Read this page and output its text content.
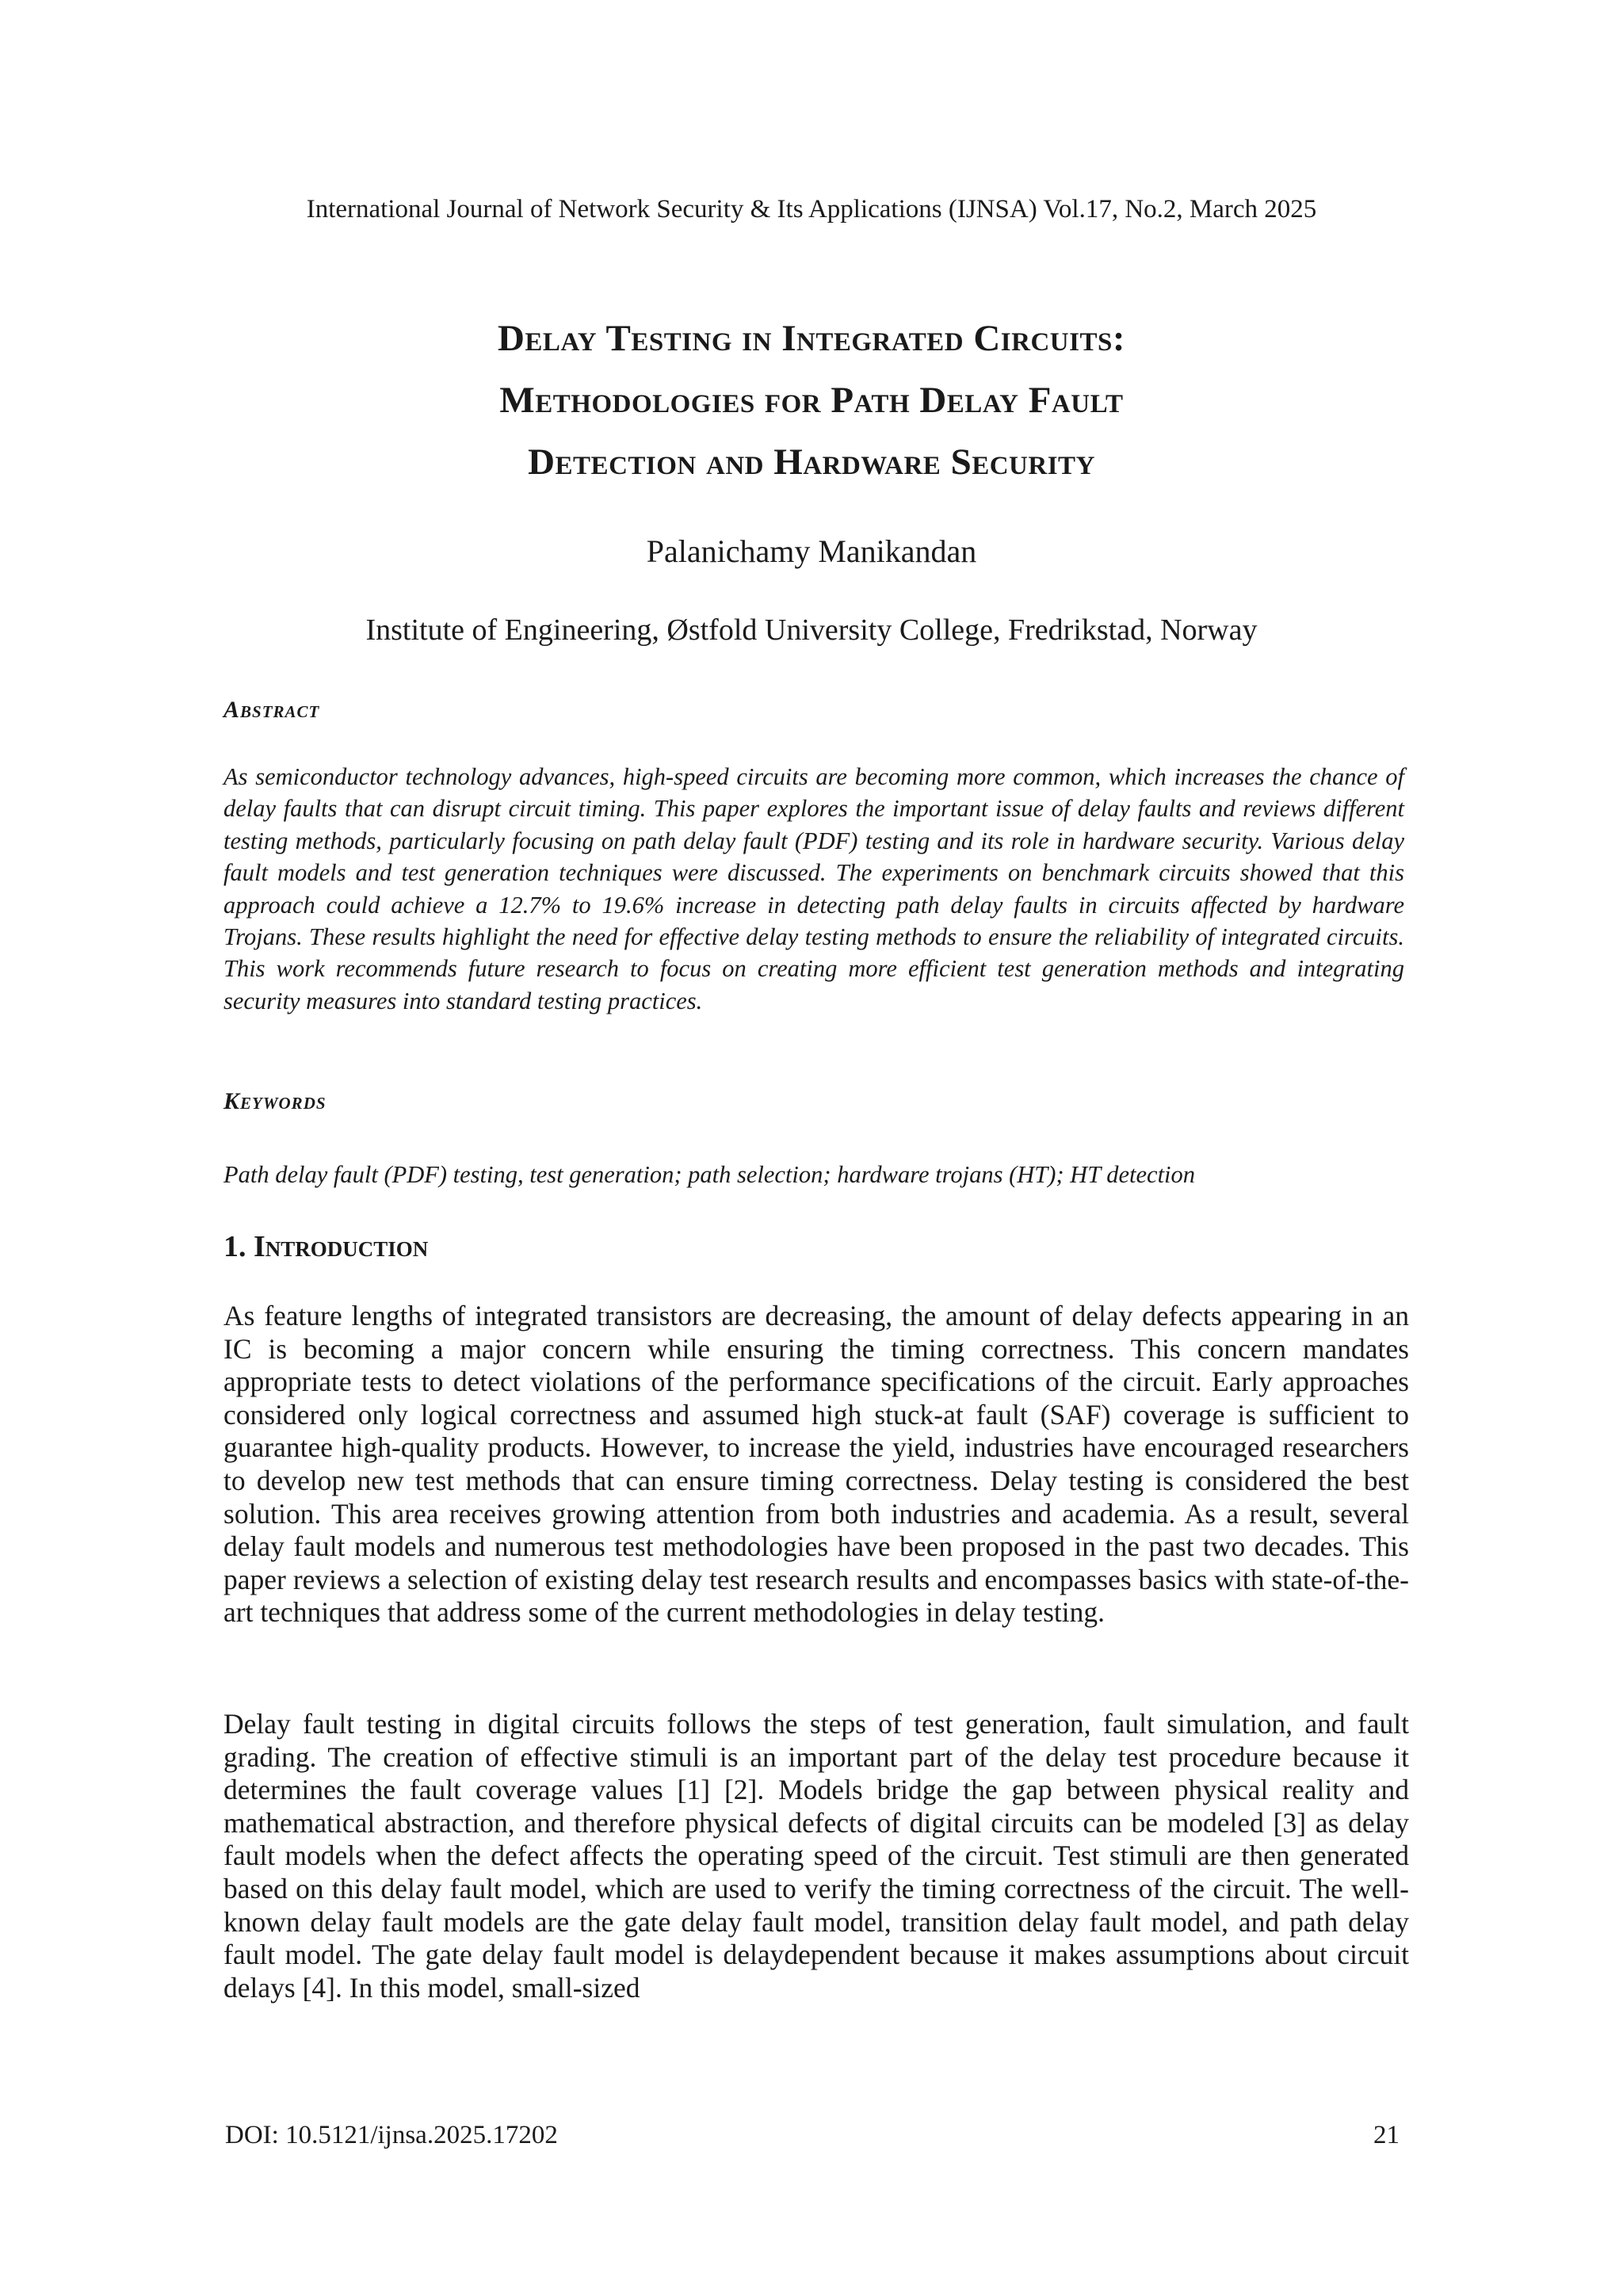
International Journal of Network Security & Its Applications (IJNSA) Vol.17, No.2, March 2025
Delay Testing in Integrated Circuits:
Methodologies for Path Delay Fault
Detection and Hardware Security
Palanichamy Manikandan
Institute of Engineering, Østfold University College, Fredrikstad, Norway
Abstract
As semiconductor technology advances, high-speed circuits are becoming more common, which increases the chance of delay faults that can disrupt circuit timing. This paper explores the important issue of delay faults and reviews different testing methods, particularly focusing on path delay fault (PDF) testing and its role in hardware security. Various delay fault models and test generation techniques were discussed. The experiments on benchmark circuits showed that this approach could achieve a 12.7% to 19.6% increase in detecting path delay faults in circuits affected by hardware Trojans. These results highlight the need for effective delay testing methods to ensure the reliability of integrated circuits. This work recommends future research to focus on creating more efficient test generation methods and integrating security measures into standard testing practices.
Keywords
Path delay fault (PDF) testing, test generation; path selection; hardware trojans (HT); HT detection
1. Introduction
As feature lengths of integrated transistors are decreasing, the amount of delay defects appearing in an IC is becoming a major concern while ensuring the timing correctness. This concern mandates appropriate tests to detect violations of the performance specifications of the circuit. Early approaches considered only logical correctness and assumed high stuck-at fault (SAF) coverage is sufficient to guarantee high-quality products. However, to increase the yield, industries have encouraged researchers to develop new test methods that can ensure timing correctness. Delay testing is considered the best solution. This area receives growing attention from both industries and academia. As a result, several delay fault models and numerous test methodologies have been proposed in the past two decades. This paper reviews a selection of existing delay test research results and encompasses basics with state-of-the-art techniques that address some of the current methodologies in delay testing.
Delay fault testing in digital circuits follows the steps of test generation, fault simulation, and fault grading. The creation of effective stimuli is an important part of the delay test procedure because it determines the fault coverage values [1] [2]. Models bridge the gap between physical reality and mathematical abstraction, and therefore physical defects of digital circuits can be modeled [3] as delay fault models when the defect affects the operating speed of the circuit. Test stimuli are then generated based on this delay fault model, which are used to verify the timing correctness of the circuit. The well-known delay fault models are the gate delay fault model, transition delay fault model, and path delay fault model. The gate delay fault model is delaydependent because it makes assumptions about circuit delays [4]. In this model, small-sized
DOI: 10.5121/ijnsa.2025.17202	21
